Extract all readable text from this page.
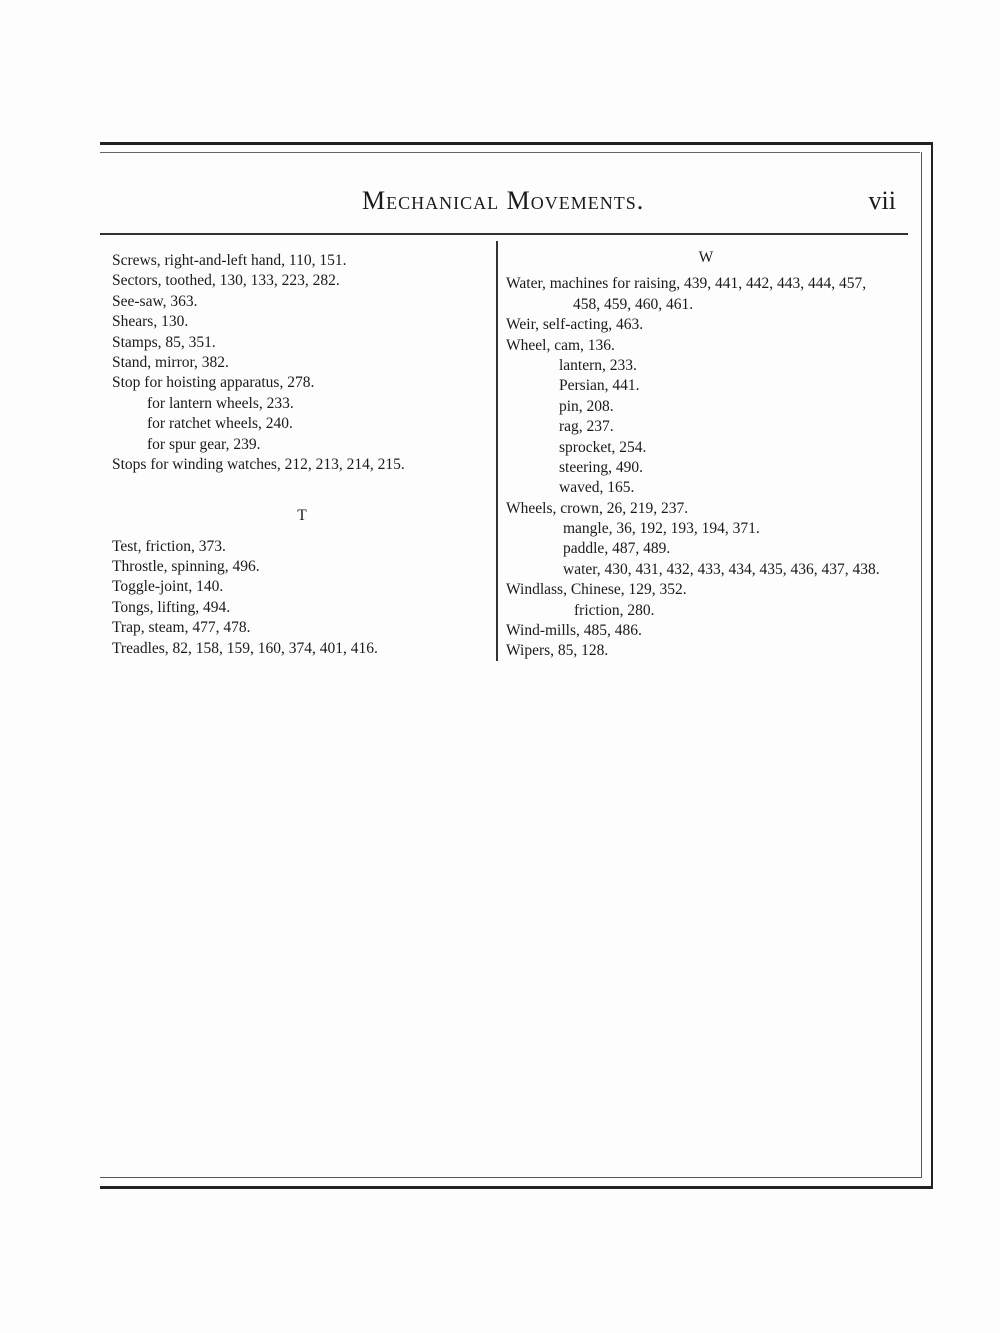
Mechanical Movements.	vii
Screws, right-and-left hand, 110, 151.
Sectors, toothed, 130, 133, 223, 282.
See-saw, 363.
Shears, 130.
Stamps, 85, 351.
Stand, mirror, 382.
Stop for hoisting apparatus, 278.
for lantern wheels, 233.
for ratchet wheels, 240.
for spur gear, 239.
Stops for winding watches, 212, 213, 214, 215.
T
Test, friction, 373.
Throstle, spinning, 496.
Toggle-joint, 140.
Tongs, lifting, 494.
Trap, steam, 477, 478.
Treadles, 82, 158, 159, 160, 374, 401, 416.
W
Water, machines for raising, 439, 441, 442, 443, 444, 457,
458, 459, 460, 461.
Weir, self-acting, 463.
Wheel, cam, 136.
lantern, 233.
Persian, 441.
pin, 208.
rag, 237.
sprocket, 254.
steering, 490.
waved, 165.
Wheels, crown, 26, 219, 237.
mangle, 36, 192, 193, 194, 371.
paddle, 487, 489.
water, 430, 431, 432, 433, 434, 435, 436, 437, 438.
Windlass, Chinese, 129, 352.
friction, 280.
Wind-mills, 485, 486.
Wipers, 85, 128.
